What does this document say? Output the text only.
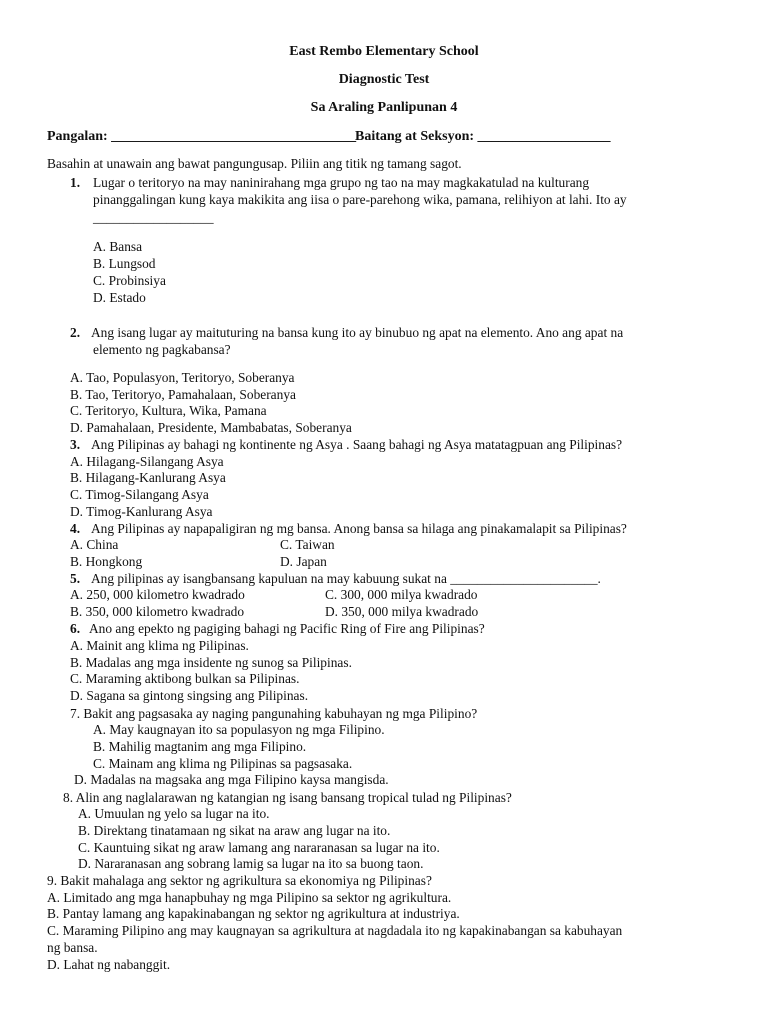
East Rembo Elementary School
Diagnostic Test
Sa Araling Panlipunan 4
Pangalan: ___________________________________
Baitang at Seksyon: ___________________
Basahin at unawain ang bawat pangungusap. Piliin ang titik ng tamang sagot.
1. Lugar o teritoryo na may naninirahang mga grupo ng tao na may magkakatulad na kulturang
pinanggalingan kung kaya makikita ang iisa o pare-parehong wika, pamana, relihiyon at lahi. Ito ay
__________________
A. Bansa
B. Lungsod
C. Probinsiya
D. Estado
2. Ang isang lugar ay maituturing na bansa kung ito ay binubuo ng apat na elemento. Ano ang apat na
elemento ng pagkabansa?
A. Tao, Populasyon, Teritoryo, Soberanya
B. Tao, Teritoryo, Pamahalaan, Soberanya
C. Teritoryo, Kultura, Wika, Pamana
D. Pamahalaan, Presidente, Mambabatas, Soberanya
3. Ang Pilipinas ay bahagi ng kontinente ng Asya . Saang bahagi ng Asya matatagpuan ang Pilipinas?
A. Hilagang-Silangang Asya
B. Hilagang-Kanlurang Asya
C. Timog-Silangang Asya
D. Timog-Kanlurang Asya
4. Ang Pilipinas ay napapaligiran ng mg bansa. Anong bansa sa hilaga ang pinakamalapit sa Pilipinas?
A. China	C. Taiwan
B. Hongkong	D. Japan
5. Ang pilipinas ay isangbansang kapuluan na may kabuung sukat na ______________________.
A. 250, 000 kilometro kwadrado	C. 300, 000 milya kwadrado
B. 350, 000 kilometro kwadrado	D. 350, 000 milya kwadrado
6. Ano ang epekto ng pagiging bahagi ng Pacific Ring of Fire ang Pilipinas?
A. Mainit ang klima ng Pilipinas.
B. Madalas ang mga insidente ng sunog sa Pilipinas.
C. Maraming aktibong bulkan sa Pilipinas.
D. Sagana sa gintong singsing ang Pilipinas.
7. Bakit ang pagsasaka ay naging pangunahing kabuhayan ng mga Pilipino?
A. May kaugnayan ito sa populasyon ng mga Filipino.
B. Mahilig magtanim ang mga Filipino.
C. Mainam ang klima ng Pilipinas sa pagsasaka.
D. Madalas na magsaka ang mga Filipino kaysa mangisda.
8. Alin ang naglalarawan ng katangian ng isang bansang tropical tulad ng Pilipinas?
A. Umuulan ng yelo sa lugar na ito.
B. Direktang tinatamaan ng sikat na araw ang lugar na ito.
C. Kauntuing sikat ng araw lamang ang nararanasan sa lugar na ito.
D. Nararanasan ang sobrang lamig sa lugar na ito sa buong taon.
9. Bakit mahalaga ang sektor ng agrikultura sa ekonomiya ng Pilipinas?
A. Limitado ang mga hanapbuhay ng mga Pilipino sa sektor ng agrikultura.
B. Pantay lamang ang kapakinabangan ng sektor ng agrikultura at industriya.
C. Maraming Pilipino ang may kaugnayan sa agrikultura at nagdadala ito ng kapakinabangan sa kabuhayan
ng bansa.
D. Lahat ng nabanggit.
